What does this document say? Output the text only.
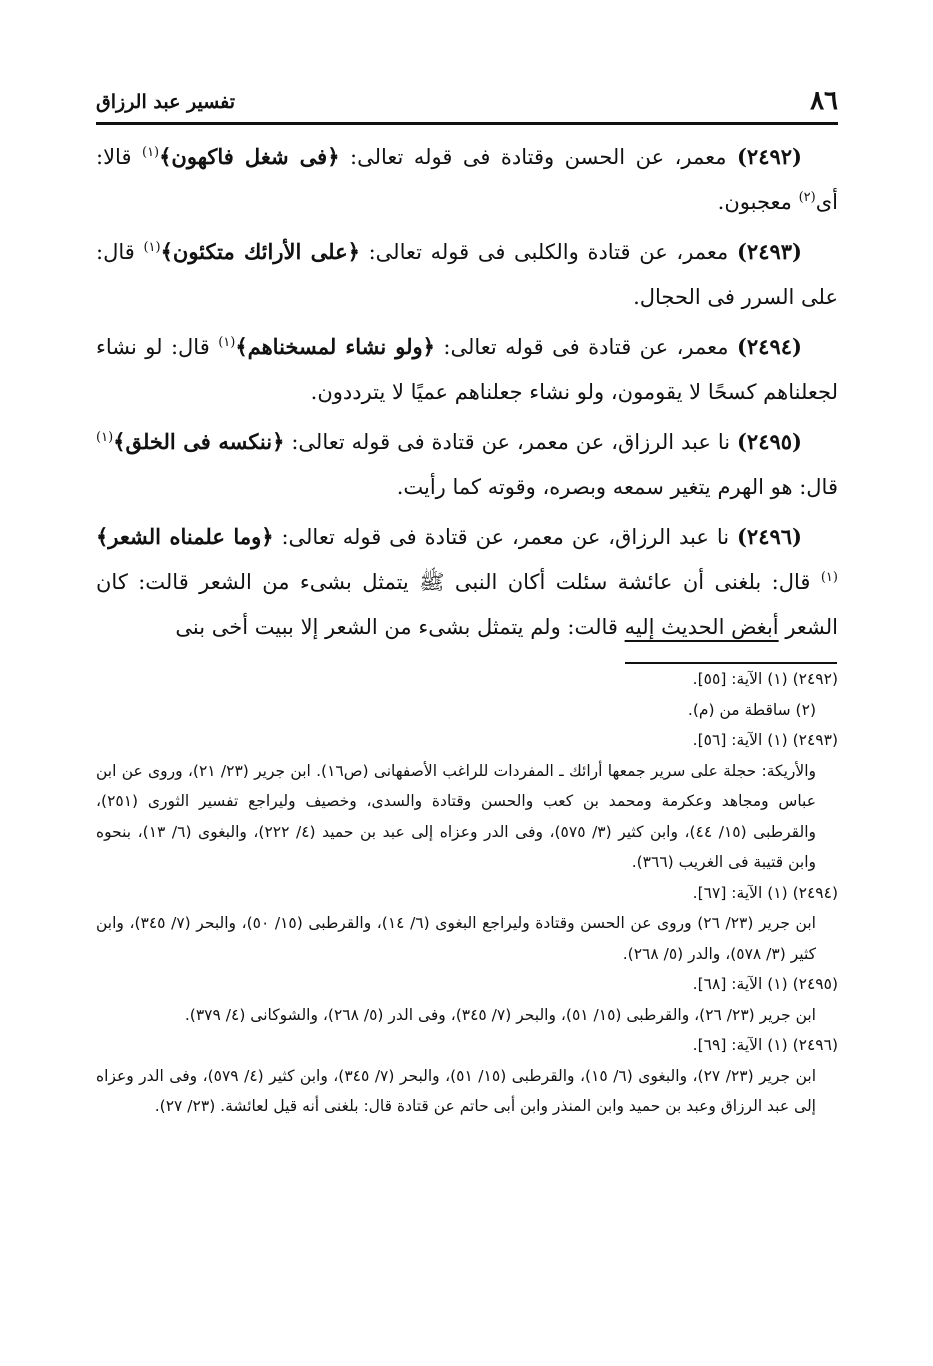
٨٦
تفسير عبد الرزاق

(٢٤٩٢) معمر، عن الحسن وقتادة فى قوله تعالى: ﴿فى شغل فاكهون﴾$^{(١)}$ قالا: أى$^{(٢)}$ معجبون.

(٢٤٩٣) معمر، عن قتادة والكلبى فى قوله تعالى: ﴿على الأرائك متكئون﴾$^{(١)}$ قال: على السرر فى الحجال.

(٢٤٩٤) معمر، عن قتادة فى قوله تعالى: ﴿ولو نشاء لمسخناهم﴾$^{(١)}$ قال: لو نشاء لجعلناهم كسحًا لا يقومون، ولو نشاء جعلناهم عميًا لا يترددون.

(٢٤٩٥) نا عبد الرزاق، عن معمر، عن قتادة فى قوله تعالى: ﴿ننكسه فى الخلق﴾$^{(١)}$ قال: هو الهرم يتغير سمعه وبصره، وقوته كما رأيت.

(٢٤٩٦) نا عبد الرزاق، عن معمر، عن قتادة فى قوله تعالى: ﴿وما علمناه الشعر﴾$^{(١)}$ قال: بلغنى أن عائشة سئلت أكان النبى ﷺ يتمثل بشىء من الشعر قالت: كان الشعر أبغض الحديث إليه قالت: ولم يتمثل بشىء من الشعر إلا ببيت أخى بنى

(٢٤٩٢) (١) الآية: [٥٥].

(٢) ساقطة من (م).

(٢٤٩٣) (١) الآية: [٥٦].

والأريكة: حجلة على سرير جمعها أرائك ـ المفردات للراغب الأصفهانى (ص١٦). ابن جرير (٢٣/ ٢١)، وروى عن ابن عباس ومجاهد وعكرمة ومحمد بن كعب والحسن وقتادة والسدى، وخصيف وليراجع تفسير الثورى (٢٥١)، والقرطبى (١٥/ ٤٤)، وابن كثير (٣/ ٥٧٥)، وفى الدر وعزاه إلى عبد بن حميد (٤/ ٢٢٢)، والبغوى (٦/ ١٣)، بنحوه وابن قتيبة فى الغريب (٣٦٦).

(٢٤٩٤) (١) الآية: [٦٧].

ابن جرير (٢٣/ ٢٦) وروى عن الحسن وقتادة وليراجع البغوى (٦/ ١٤)، والقرطبى (١٥/ ٥٠)، والبحر (٧/ ٣٤٥)، وابن كثير (٣/ ٥٧٨)، والدر (٥/ ٢٦٨).

(٢٤٩٥) (١) الآية: [٦٨].

ابن جرير (٢٣/ ٢٦)، والقرطبى (١٥/ ٥١)، والبحر (٧/ ٣٤٥)، وفى الدر (٥/ ٢٦٨)، والشوكانى (٤/ ٣٧٩).

(٢٤٩٦) (١) الآية: [٦٩].

ابن جرير (٢٣/ ٢٧)، والبغوى (٦/ ١٥)، والقرطبى (١٥/ ٥١)، والبحر (٧/ ٣٤٥)، وابن كثير (٤/ ٥٧٩)، وفى الدر وعزاه إلى عبد الرزاق وعبد بن حميد وابن المنذر وابن أبى حاتم عن قتادة قال: بلغنى أنه قيل لعائشة. (٢٣/ ٢٧).
